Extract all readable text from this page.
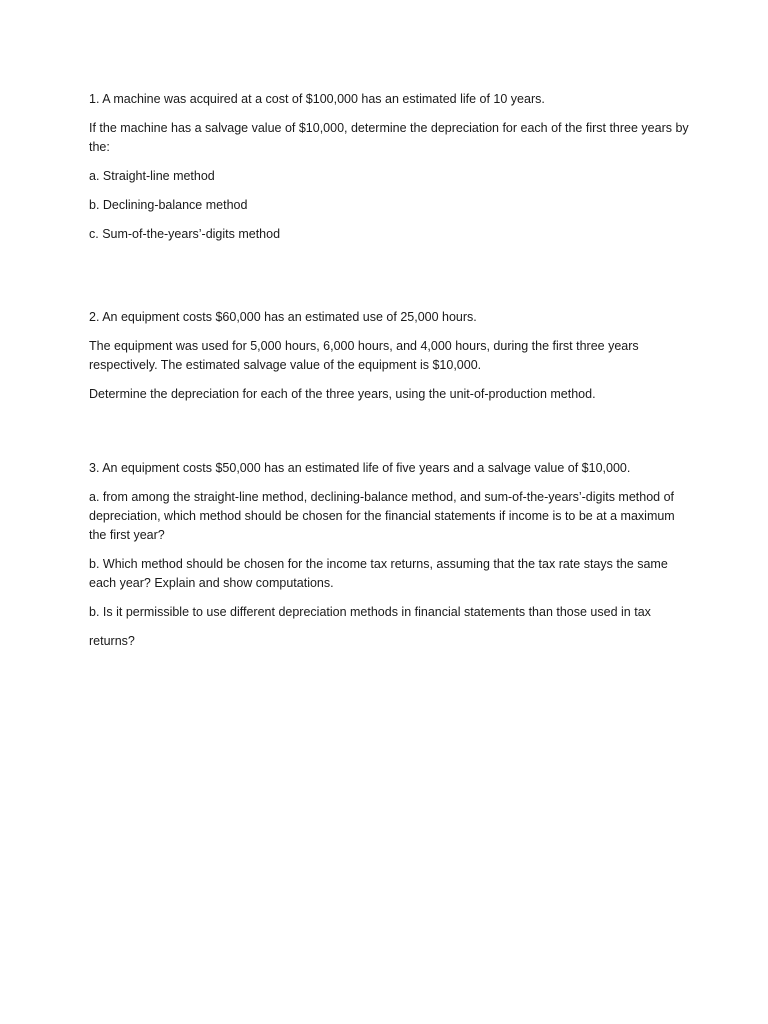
1. A machine was acquired at a cost of $100,000 has an estimated life of 10 years.

If the machine has a salvage value of $10,000, determine the depreciation for each of the first three years by the:

a. Straight-line method

b. Declining-balance method

c. Sum-of-the-years’-digits method

2. An equipment costs $60,000 has an estimated use of 25,000 hours.

The equipment was used for 5,000 hours, 6,000 hours, and 4,000 hours, during the first three years respectively. The estimated salvage value of the equipment is $10,000.

Determine the depreciation for each of the three years, using the unit-of-production method.

3. An equipment costs $50,000 has an estimated life of five years and a salvage value of $10,000.

a. from among the straight-line method, declining-balance method, and sum-of-the-years’-digits method of depreciation, which method should be chosen for the financial statements if income is to be at a maximum the first year?

b. Which method should be chosen for the income tax returns, assuming that the tax rate stays the same each year? Explain and show computations.

b. Is it permissible to use different depreciation methods in financial statements than those used in tax

returns?
